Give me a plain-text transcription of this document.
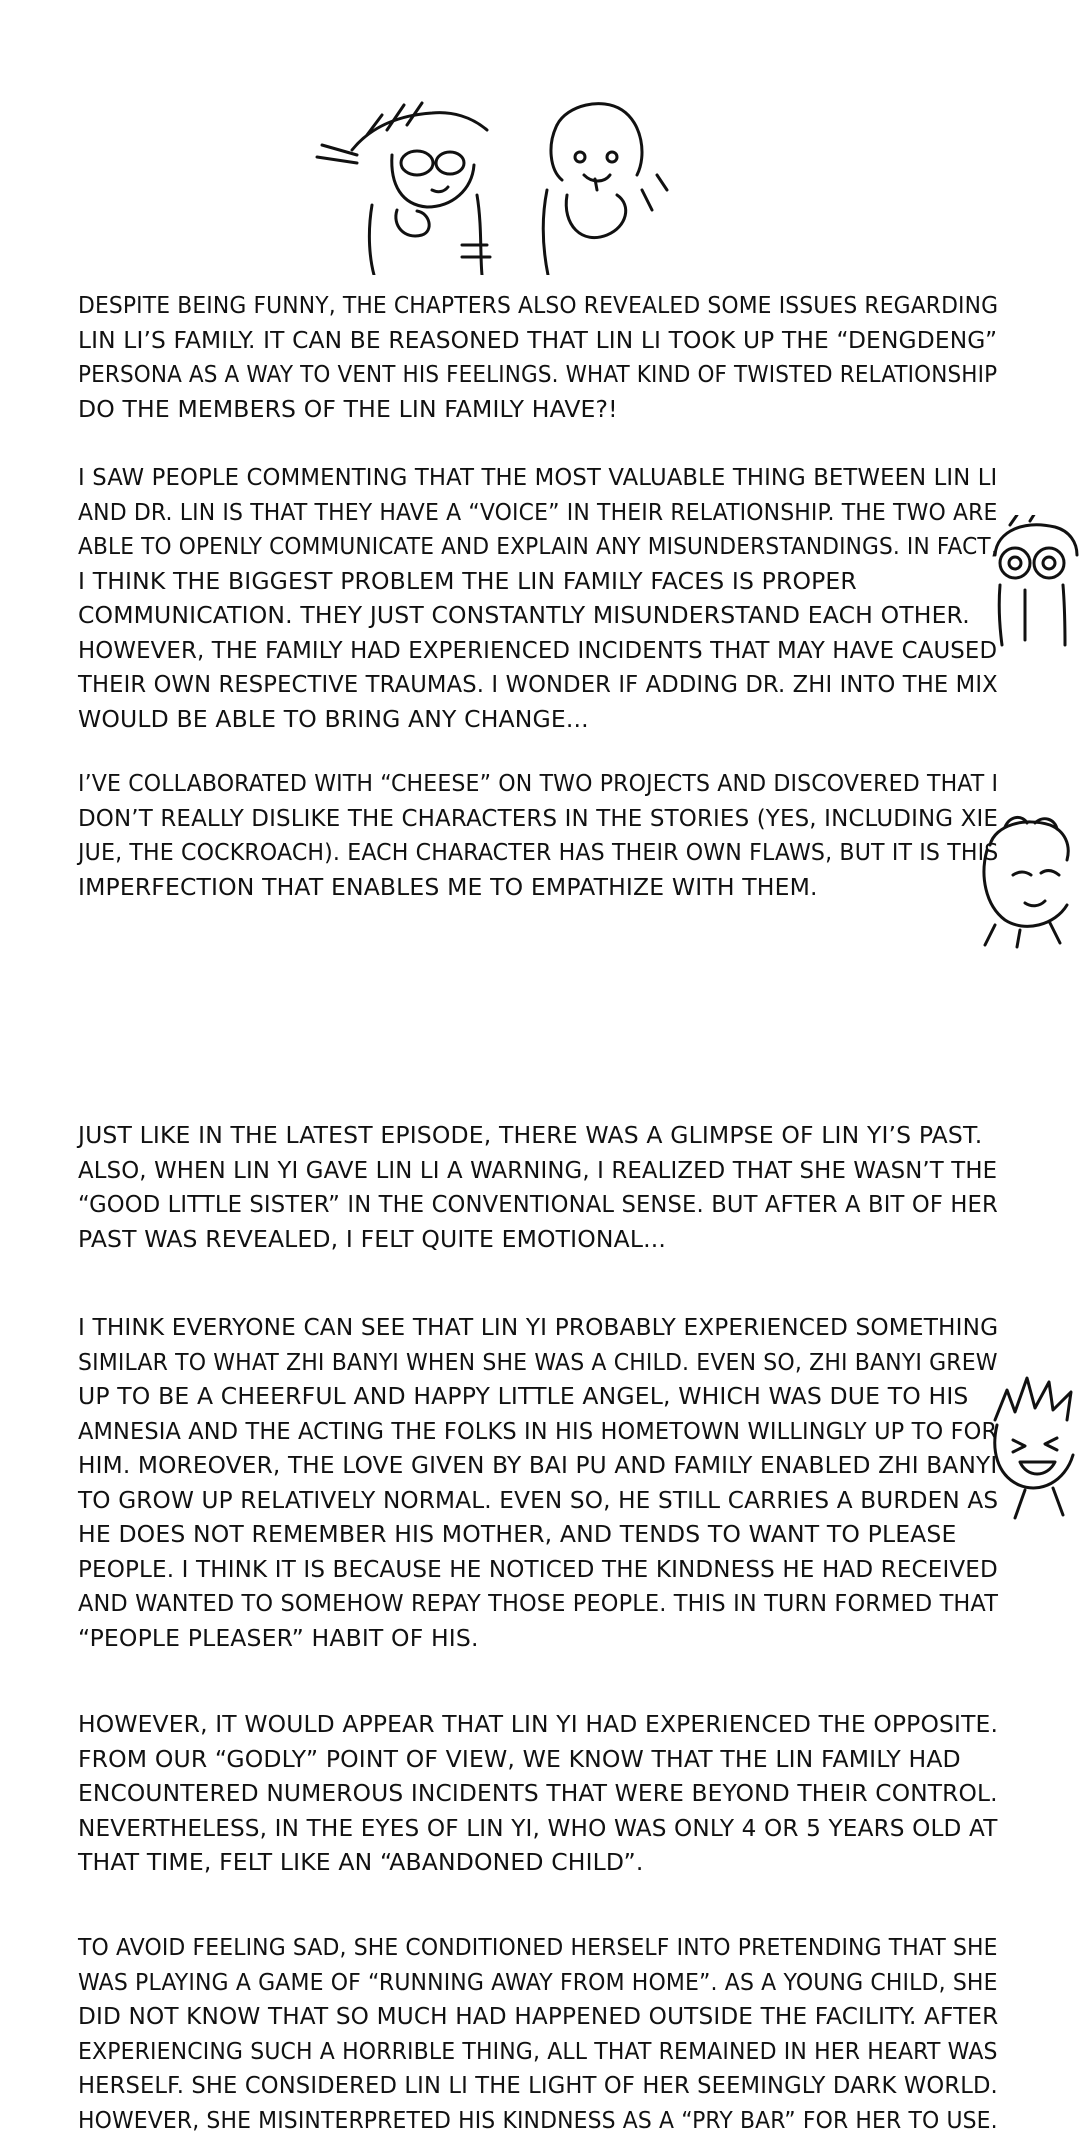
DESPITE BEING FUNNY, THE CHAPTERS ALSO REVEALED SOME ISSUES REGARDING
LIN LI’S FAMILY. IT CAN BE REASONED THAT LIN LI TOOK UP THE “DENGDENG”
PERSONA AS A WAY TO VENT HIS FEELINGS. WHAT KIND OF TWISTED RELATIONSHIP
DO THE MEMBERS OF THE LIN FAMILY HAVE?!

I SAW PEOPLE COMMENTING THAT THE MOST VALUABLE THING BETWEEN LIN LI
AND DR. LIN IS THAT THEY HAVE A “VOICE” IN THEIR RELATIONSHIP. THE TWO ARE
ABLE TO OPENLY COMMUNICATE AND EXPLAIN ANY MISUNDERSTANDINGS. IN FACT,
I THINK THE BIGGEST PROBLEM THE LIN FAMILY FACES IS PROPER
COMMUNICATION. THEY JUST CONSTANTLY MISUNDERSTAND EACH OTHER.
HOWEVER, THE FAMILY HAD EXPERIENCED INCIDENTS THAT MAY HAVE CAUSED
THEIR OWN RESPECTIVE TRAUMAS. I WONDER IF ADDING DR. ZHI INTO THE MIX
WOULD BE ABLE TO BRING ANY CHANGE...

I’VE COLLABORATED WITH “CHEESE” ON TWO PROJECTS AND DISCOVERED THAT I
DON’T REALLY DISLIKE THE CHARACTERS IN THE STORIES (YES, INCLUDING XIE
JUE, THE COCKROACH). EACH CHARACTER HAS THEIR OWN FLAWS, BUT IT IS THIS
IMPERFECTION THAT ENABLES ME TO EMPATHIZE WITH THEM.

JUST LIKE IN THE LATEST EPISODE, THERE WAS A GLIMPSE OF LIN YI’S PAST.
ALSO, WHEN LIN YI GAVE LIN LI A WARNING, I REALIZED THAT SHE WASN’T THE
“GOOD LITTLE SISTER” IN THE CONVENTIONAL SENSE. BUT AFTER A BIT OF HER
PAST WAS REVEALED, I FELT QUITE EMOTIONAL...

I THINK EVERYONE CAN SEE THAT LIN YI PROBABLY EXPERIENCED SOMETHING
SIMILAR TO WHAT ZHI BANYI WHEN SHE WAS A CHILD. EVEN SO, ZHI BANYI GREW
UP TO BE A CHEERFUL AND HAPPY LITTLE ANGEL, WHICH WAS DUE TO HIS
AMNESIA AND THE ACTING THE FOLKS IN HIS HOMETOWN WILLINGLY UP TO FOR
HIM. MOREOVER, THE LOVE GIVEN BY BAI PU AND FAMILY ENABLED ZHI BANYI
TO GROW UP RELATIVELY NORMAL. EVEN SO, HE STILL CARRIES A BURDEN AS
HE DOES NOT REMEMBER HIS MOTHER, AND TENDS TO WANT TO PLEASE
PEOPLE. I THINK IT IS BECAUSE HE NOTICED THE KINDNESS HE HAD RECEIVED
AND WANTED TO SOMEHOW REPAY THOSE PEOPLE. THIS IN TURN FORMED THAT
“PEOPLE PLEASER” HABIT OF HIS.

HOWEVER, IT WOULD APPEAR THAT LIN YI HAD EXPERIENCED THE OPPOSITE.
FROM OUR “GODLY” POINT OF VIEW, WE KNOW THAT THE LIN FAMILY HAD
ENCOUNTERED NUMEROUS INCIDENTS THAT WERE BEYOND THEIR CONTROL.
NEVERTHELESS, IN THE EYES OF LIN YI, WHO WAS ONLY 4 OR 5 YEARS OLD AT
THAT TIME, FELT LIKE AN “ABANDONED CHILD”.

TO AVOID FEELING SAD, SHE CONDITIONED HERSELF INTO PRETENDING THAT SHE
WAS PLAYING A GAME OF “RUNNING AWAY FROM HOME”. AS A YOUNG CHILD, SHE
DID NOT KNOW THAT SO MUCH HAD HAPPENED OUTSIDE THE FACILITY. AFTER
EXPERIENCING SUCH A HORRIBLE THING, ALL THAT REMAINED IN HER HEART WAS
HERSELF. SHE CONSIDERED LIN LI THE LIGHT OF HER SEEMINGLY DARK WORLD.
HOWEVER, SHE MISINTERPRETED HIS KINDNESS AS A “PRY BAR” FOR HER TO USE.
